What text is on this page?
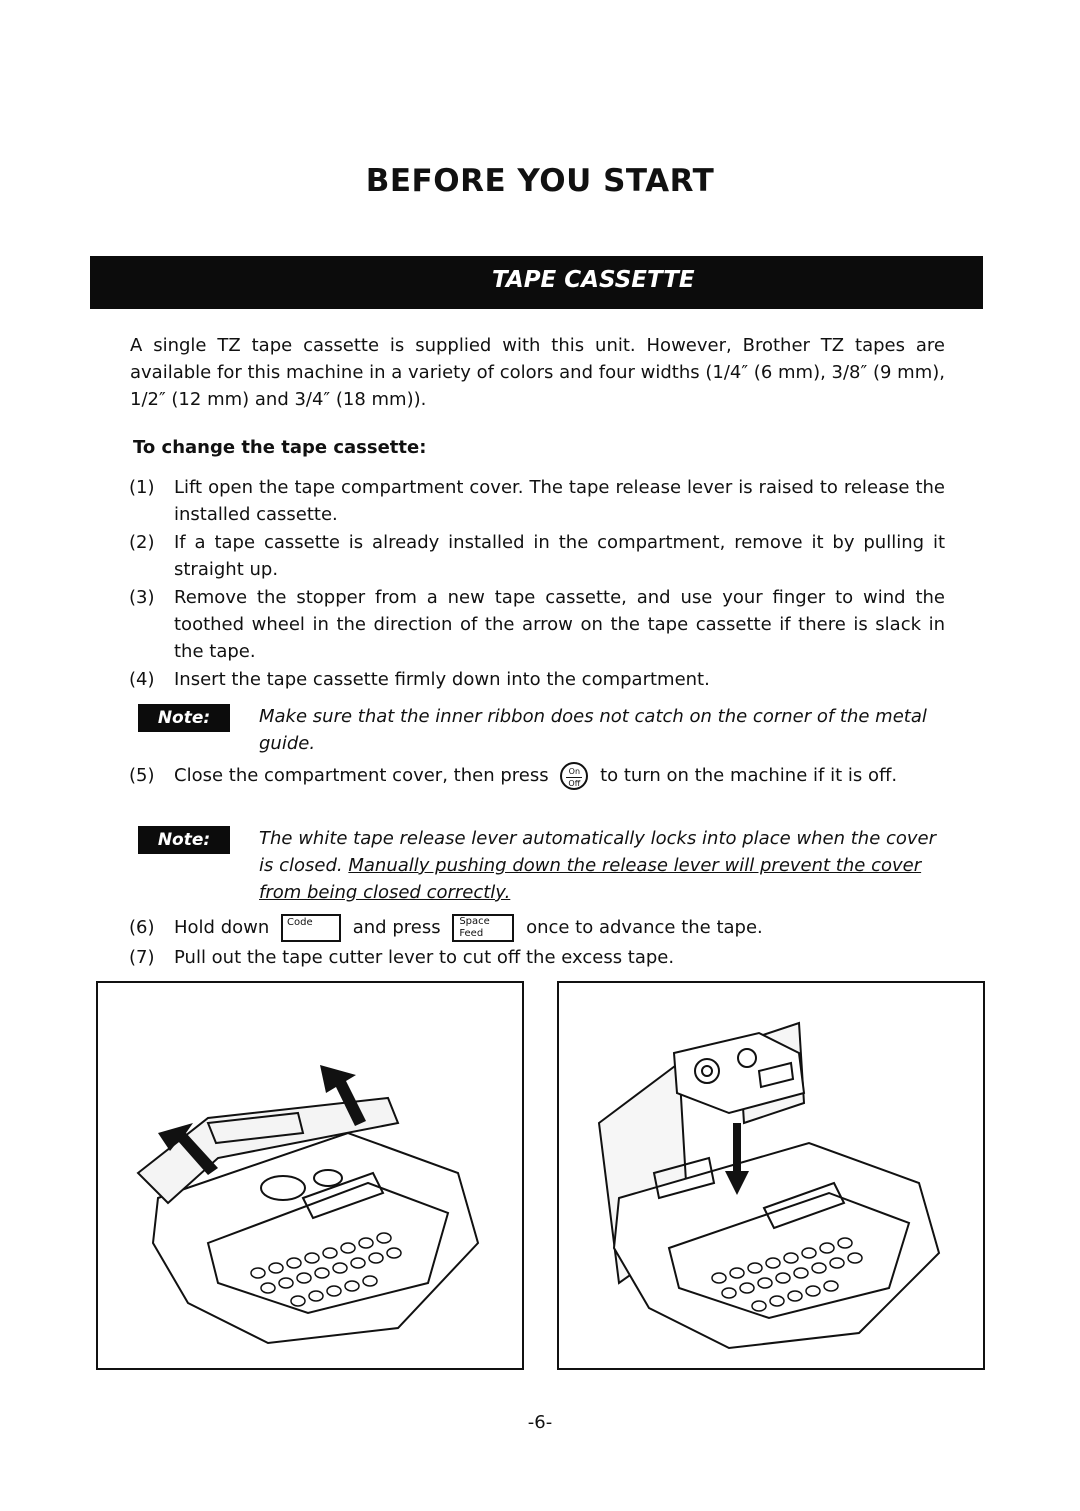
BEFORE YOU START
TAPE CASSETTE

A single TZ tape cassette is supplied with this unit. However, Brother TZ tapes are available for this machine in a variety of colors and four widths (1/4″ (6 mm), 3/8″ (9 mm), 1/2″ (12 mm) and 3/4″ (18 mm)).

To change the tape cassette:

(1)	Lift open the tape compartment cover. The tape release lever is raised to release the installed cassette.
(2)	If a tape cassette is already installed in the compartment, remove it by pulling it straight up.
(3)	Remove the stopper from a new tape cassette, and use your finger to wind the toothed wheel in the direction of the arrow on the tape cassette if there is slack in the tape.
(4)	Insert the tape cassette firmly down into the compartment.
Note:	Make sure that the inner ribbon does not catch on the corner of the metal guide.
(5)	Close the compartment cover, then press	On
Off to turn on the machine if it is off.
Note:	The white tape release lever automatically locks into place when the cover is closed. Manually pushing down the release lever will prevent the cover from being closed correctly.
(6)	Hold down Code and press Space
Feed once to advance the tape.
(7)	Pull out the tape cutter lever to cut off the excess tape.

-6-
